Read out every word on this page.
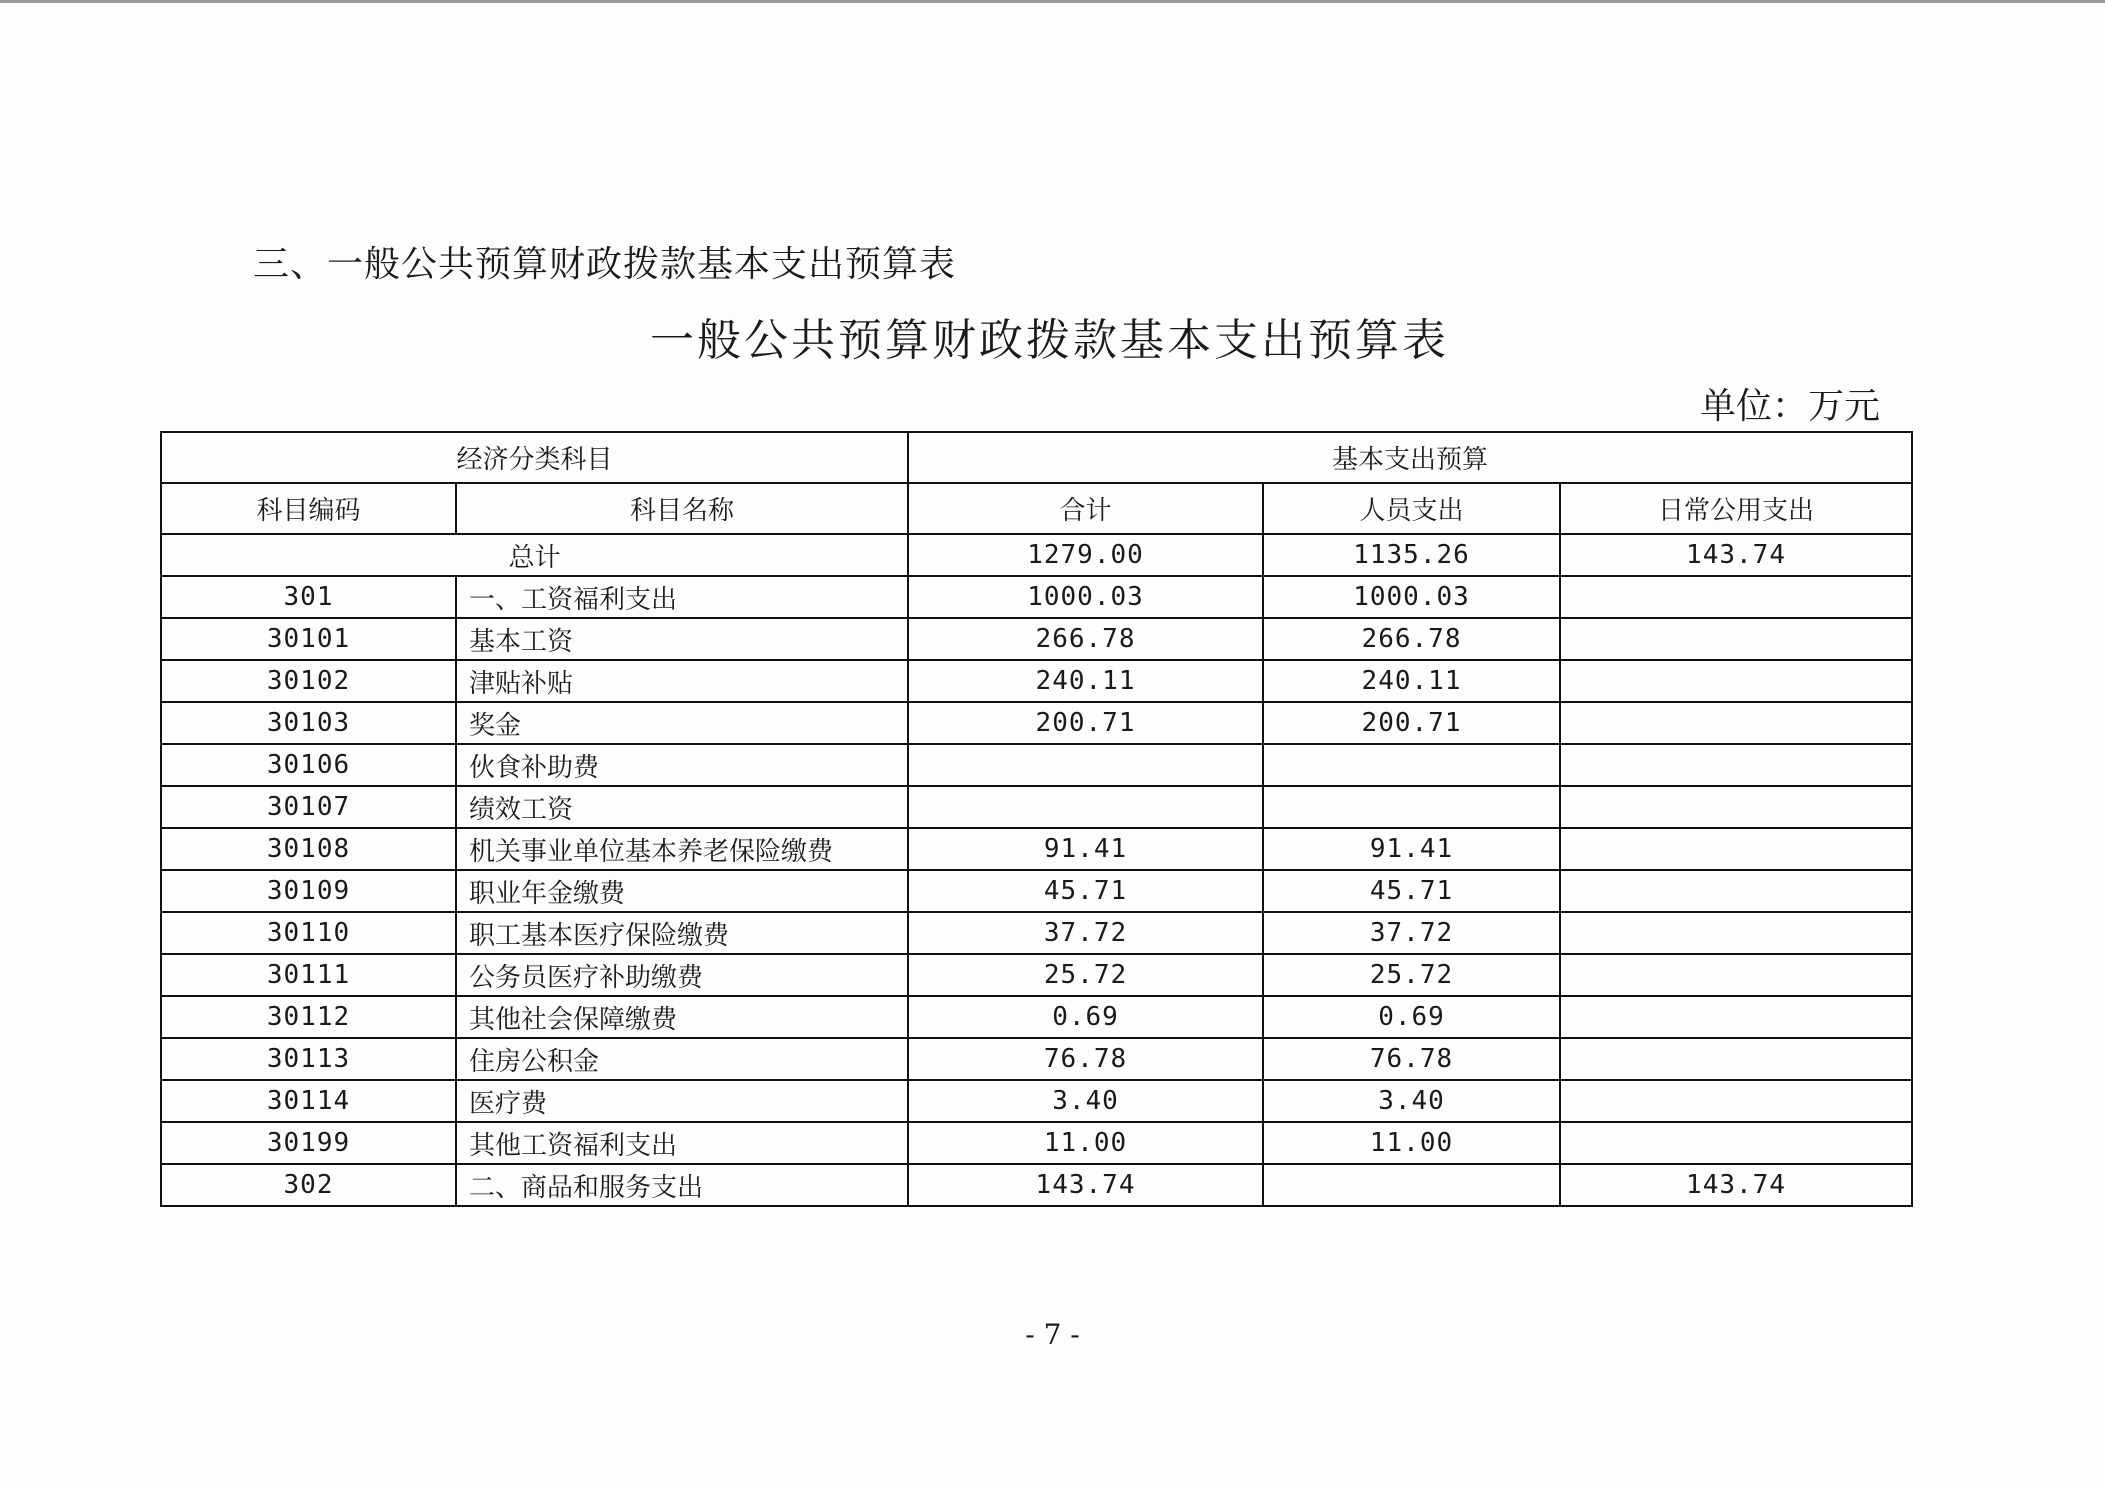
三、一般公共预算财政拨款基本支出预算表
一般公共预算财政拨款基本支出预算表
单位：万元
经济分类科目		基本支出预算		
科目编码	科目名称	合计	人员支出	日常公用支出
总计		1279.00	1135.26	143.74
301	一、工资福利支出	1000.03	1000.03	
30101	基本工资	266.78	266.78	
30102	津贴补贴	240.11	240.11	
30103	奖金	200.71	200.71	
30106	伙食补助费			
30107	绩效工资			
30108	机关事业单位基本养老保险缴费	91.41	91.41	
30109	职业年金缴费	45.71	45.71	
30110	职工基本医疗保险缴费	37.72	37.72	
30111	公务员医疗补助缴费	25.72	25.72	
30112	其他社会保障缴费	0.69	0.69	
30113	住房公积金	76.78	76.78	
30114	医疗费	3.40	3.40	
30199	其他工资福利支出	11.00	11.00	
302	二、商品和服务支出	143.74		143.74
- 7 -
